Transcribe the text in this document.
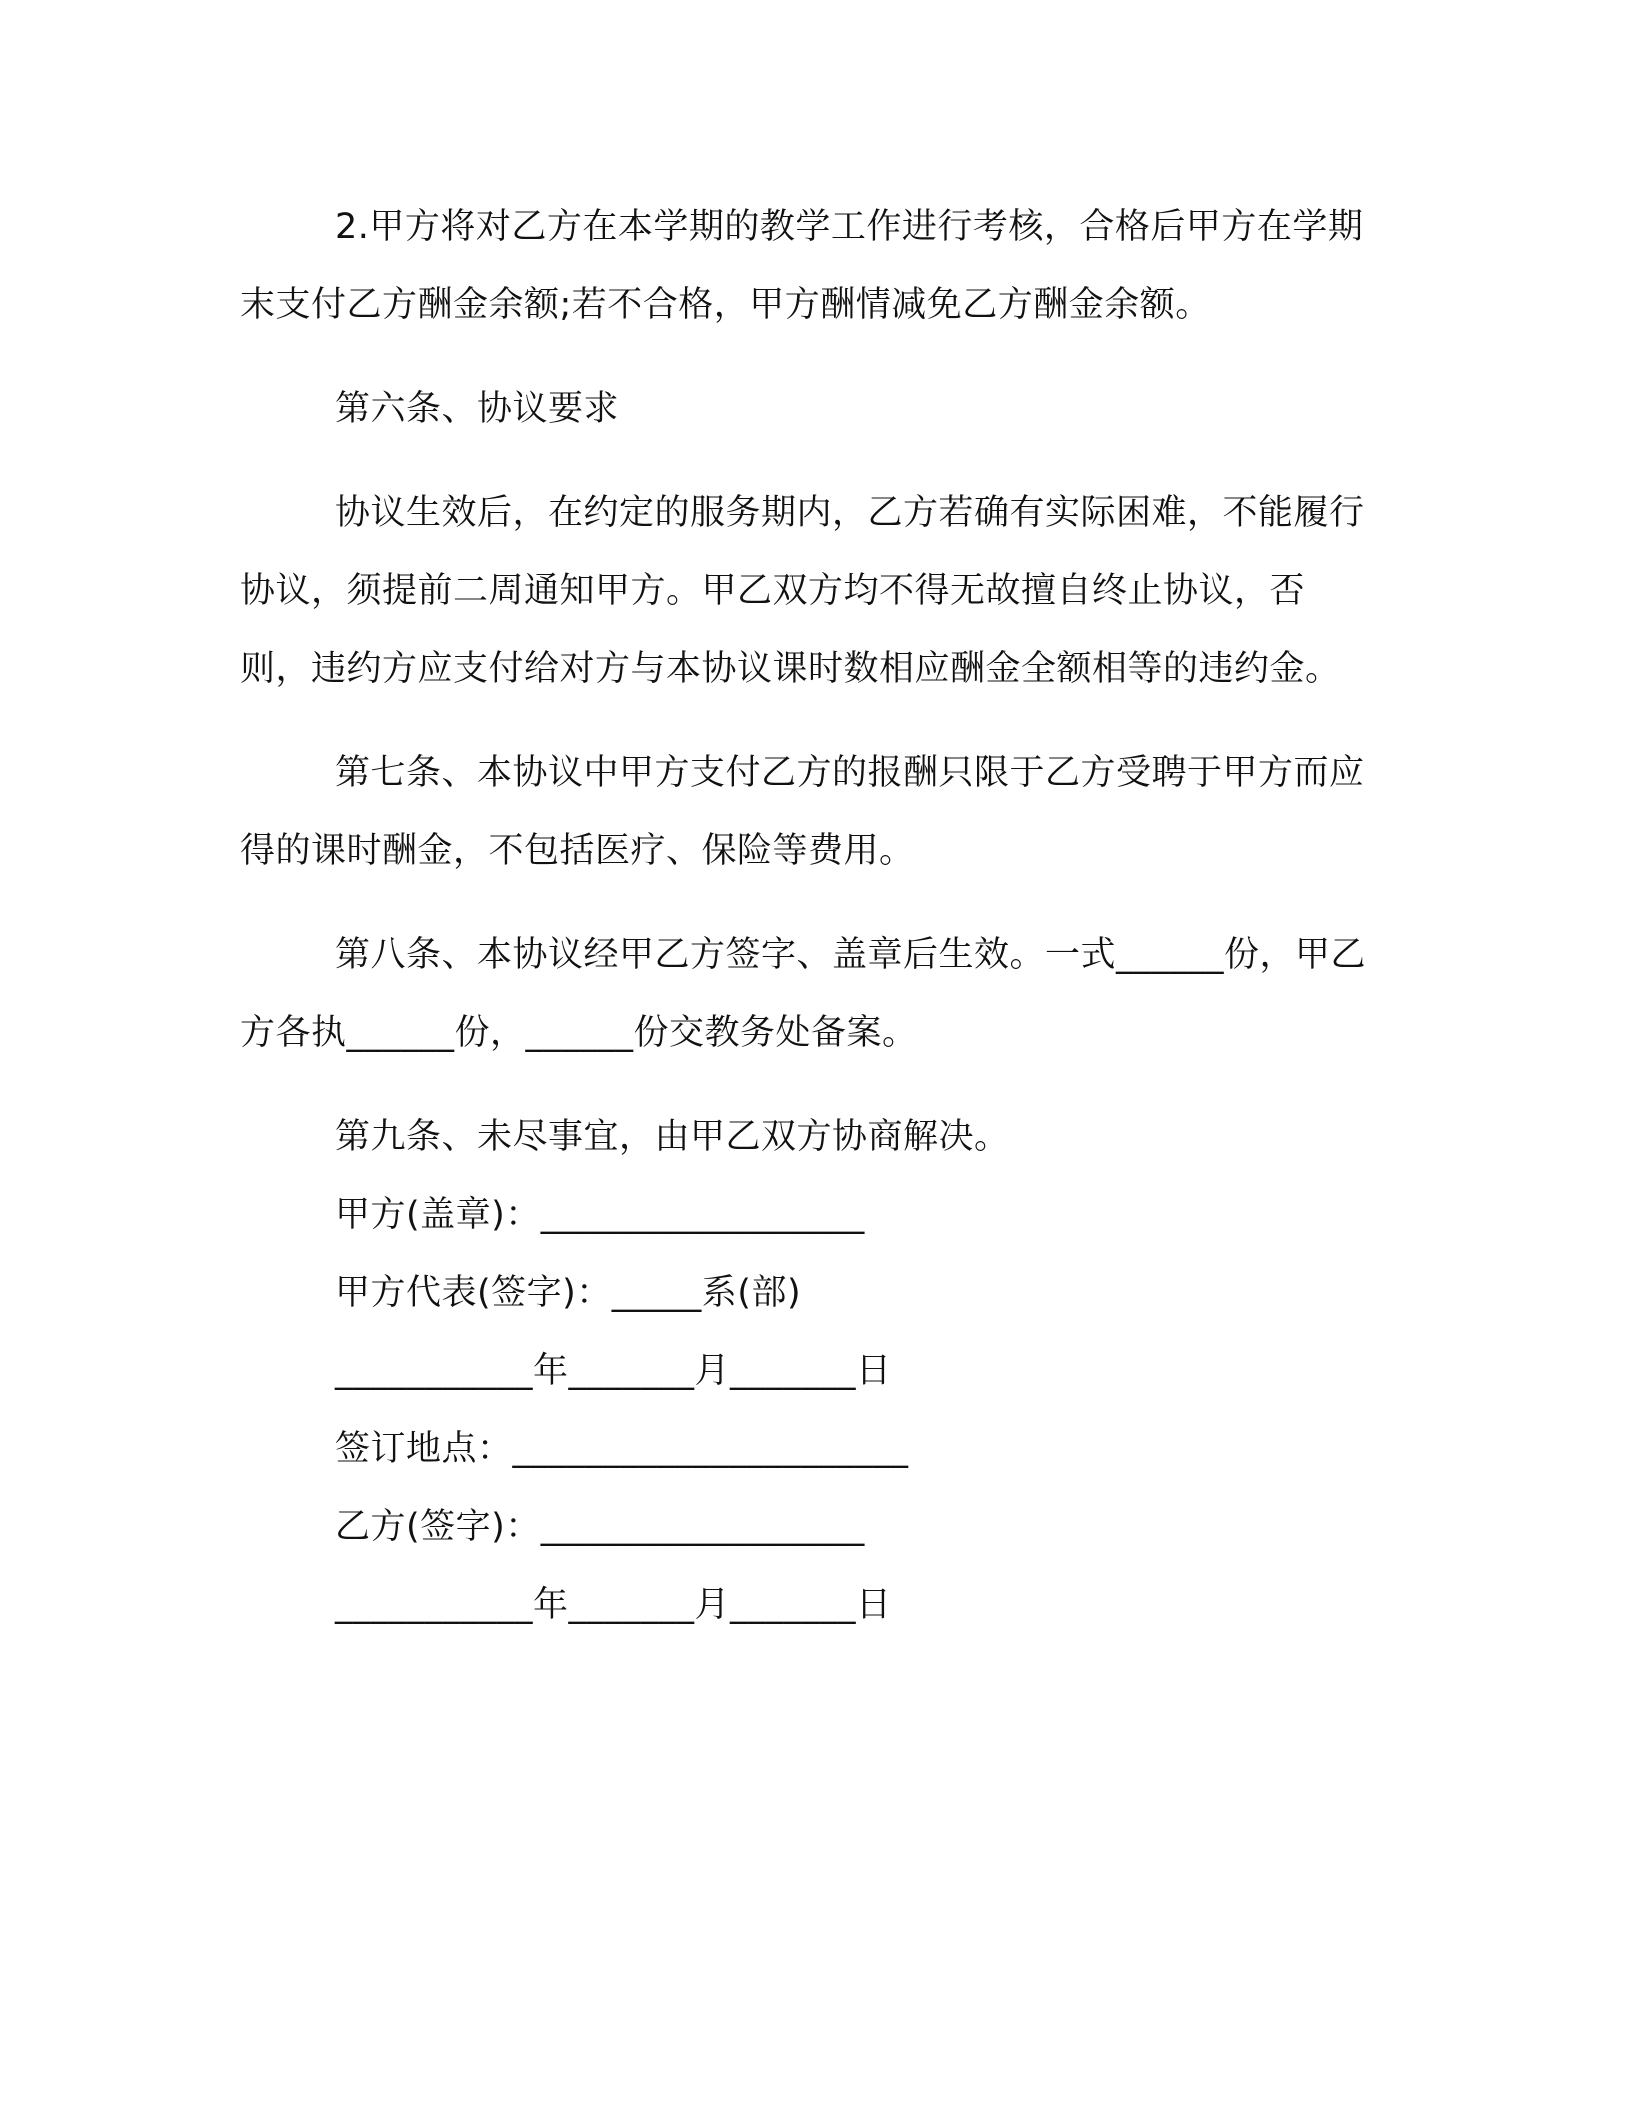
2.甲方将对乙方在本学期的教学工作进行考核，合格后甲方在学期末支付乙方酬金余额;若不合格，甲方酬情减免乙方酬金余额。

第六条、协议要求

协议生效后，在约定的服务期内，乙方若确有实际困难，不能履行协议，须提前二周通知甲方。甲乙双方均不得无故擅自终止协议，否则，违约方应支付给对方与本协议课时数相应酬金全额相等的违约金。

第七条、本协议中甲方支付乙方的报酬只限于乙方受聘于甲方而应得的课时酬金，不包括医疗、保险等费用。

第八条、本协议经甲乙方签字、盖章后生效。一式______份，甲乙方各执______份，______份交教务处备案。

第九条、未尽事宜，由甲乙双方协商解决。

甲方(盖章)：__________________

甲方代表(签字)：_____系(部)

___________年_______月_______日

签订地点：______________________

乙方(签字)：__________________

___________年_______月_______日
